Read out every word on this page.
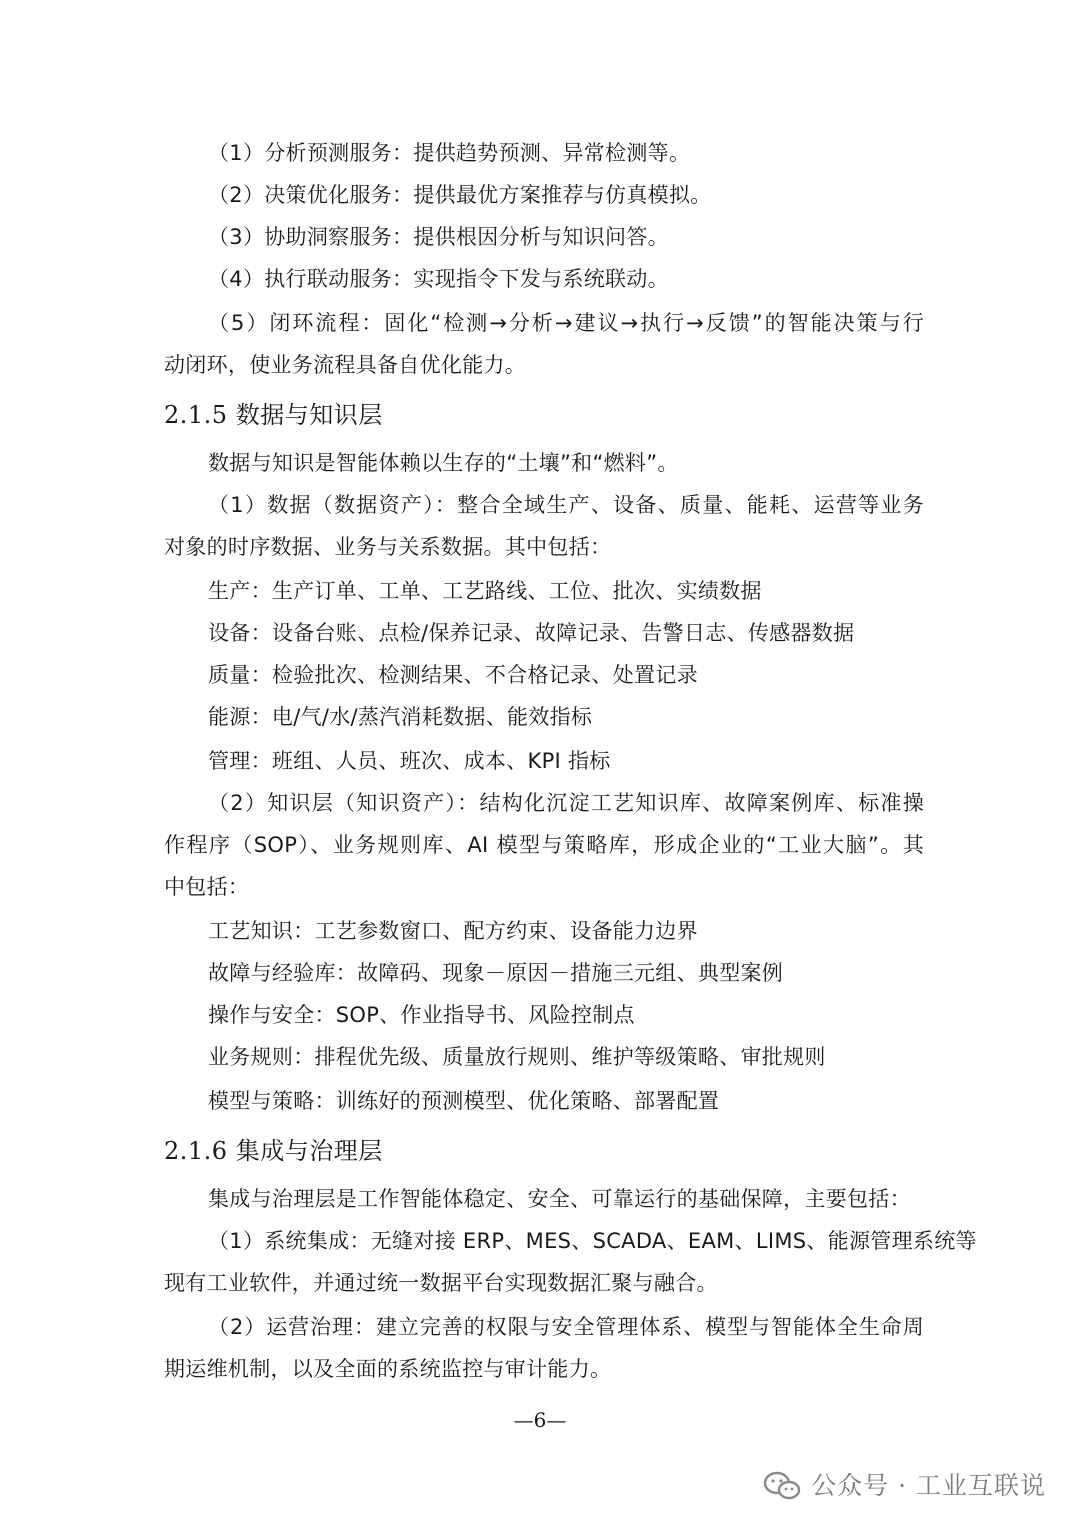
（1）分析预测服务：提供趋势预测、异常检测等。
（2）决策优化服务：提供最优方案推荐与仿真模拟。
（3）协助洞察服务：提供根因分析与知识问答。
（4）执行联动服务：实现指令下发与系统联动。
（5）闭环流程：固化“检测→分析→建议→执行→反馈”的智能决策与行
动闭环，使业务流程具备自优化能力。
2.1.5 数据与知识层
数据与知识是智能体赖以生存的“土壤”和“燃料”。
（1）数据（数据资产）：整合全域生产、设备、质量、能耗、运营等业务
对象的时序数据、业务与关系数据。其中包括：
生产：生产订单、工单、工艺路线、工位、批次、实绩数据
设备：设备台账、点检/保养记录、故障记录、告警日志、传感器数据
质量：检验批次、检测结果、不合格记录、处置记录
能源：电/气/水/蒸汽消耗数据、能效指标
管理：班组、人员、班次、成本、KPI 指标
（2）知识层（知识资产）：结构化沉淀工艺知识库、故障案例库、标准操
作程序（SOP）、业务规则库、AI 模型与策略库，形成企业的“工业大脑”。其
中包括：
工艺知识：工艺参数窗口、配方约束、设备能力边界
故障与经验库：故障码、现象－原因－措施三元组、典型案例
操作与安全：SOP、作业指导书、风险控制点
业务规则：排程优先级、质量放行规则、维护等级策略、审批规则
模型与策略：训练好的预测模型、优化策略、部署配置
2.1.6 集成与治理层
集成与治理层是工作智能体稳定、安全、可靠运行的基础保障，主要包括：
（1）系统集成：无缝对接 ERP、MES、SCADA、EAM、LIMS、能源管理系统等
现有工业软件，并通过统一数据平台实现数据汇聚与融合。
（2）运营治理：建立完善的权限与安全管理体系、模型与智能体全生命周
期运维机制，以及全面的系统监控与审计能力。
—6—
公众号 · 工业互联说
